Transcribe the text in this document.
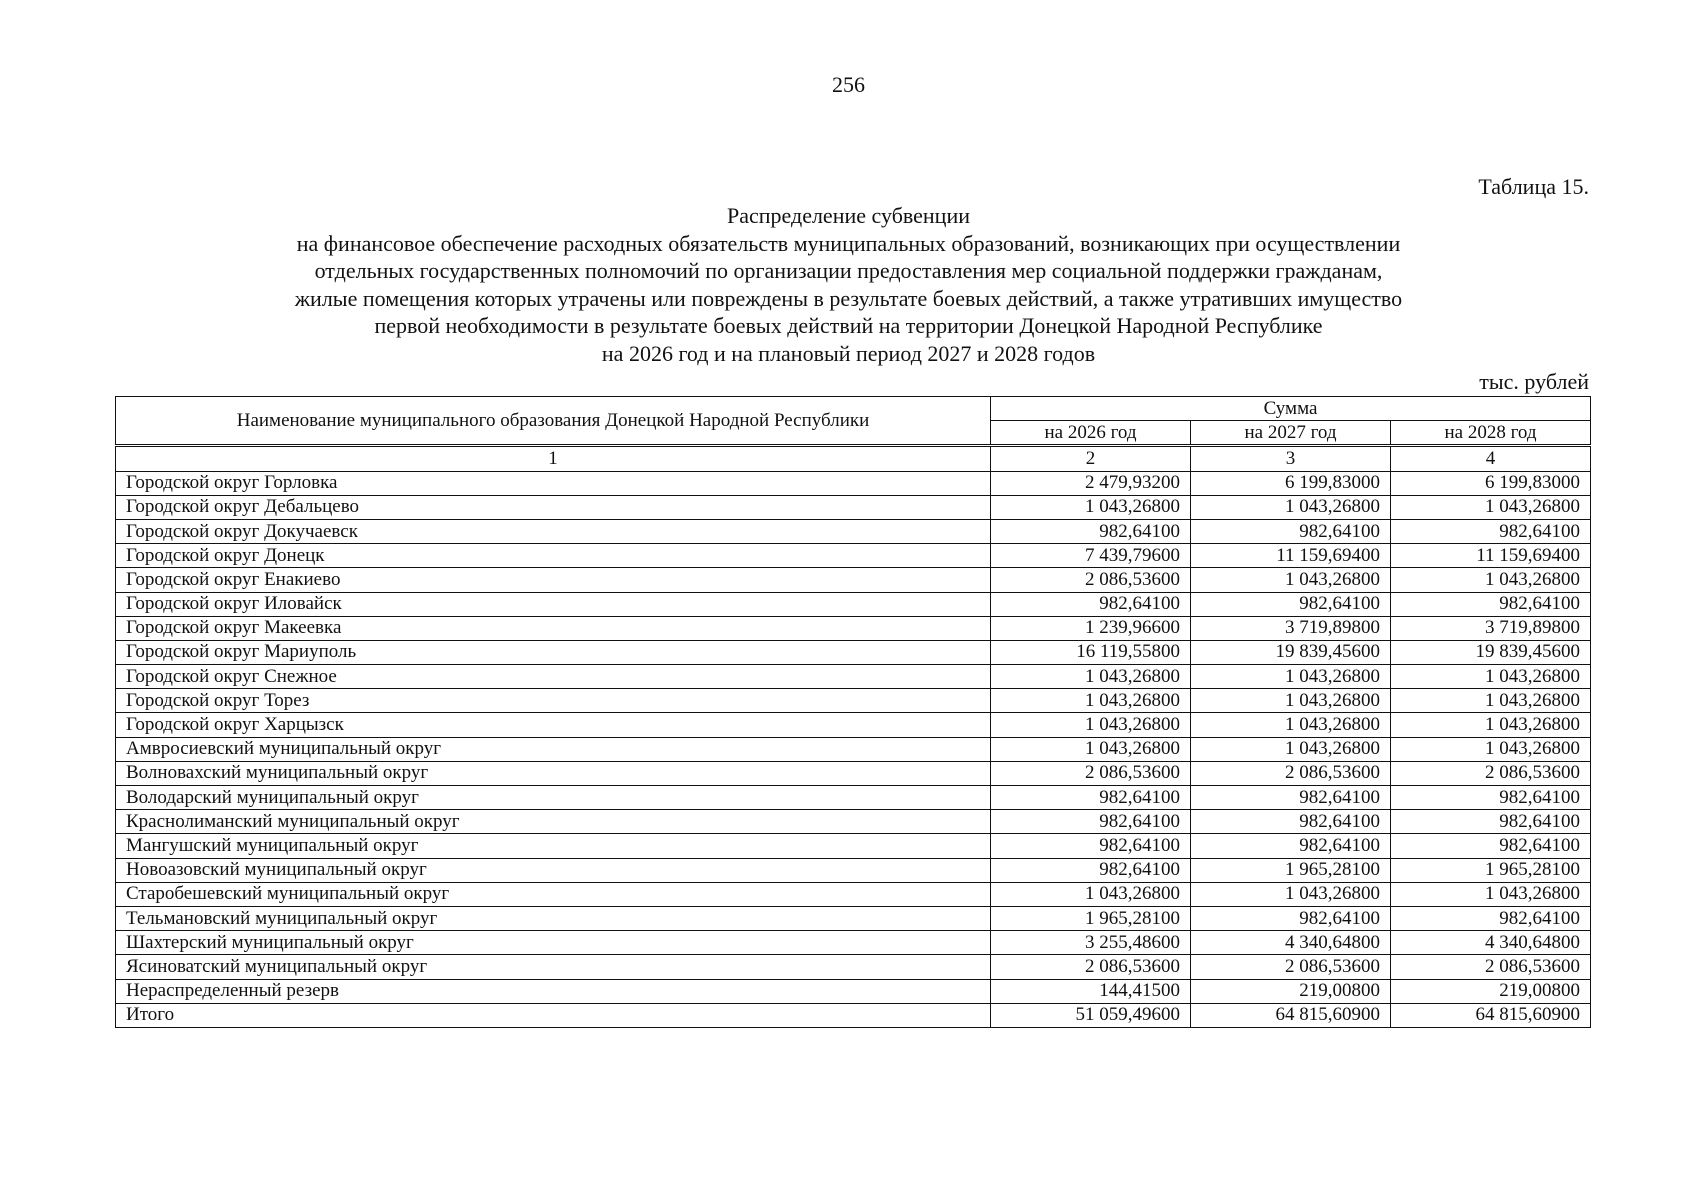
256
Таблица 15.
Распределение субвенции
на финансовое обеспечение расходных обязательств муниципальных образований, возникающих при осуществлении
отдельных государственных полномочий по организации предоставления мер социальной поддержки гражданам,
жилые помещения которых утрачены или повреждены в результате боевых действий, а также утративших имущество
первой необходимости в результате боевых действий на территории Донецкой Народной Республике
на 2026 год и на плановый период 2027 и 2028 годов
тыс. рублей
Наименование муниципального образования Донецкой Народной Республики	Сумма		
	на 2026 год	на 2027 год	на 2028 год
1	2	3	4
Городской округ Горловка	2 479,93200	6 199,83000	6 199,83000
Городской округ Дебальцево	1 043,26800	1 043,26800	1 043,26800
Городской округ Докучаевск	982,64100	982,64100	982,64100
Городской округ Донецк	7 439,79600	11 159,69400	11 159,69400
Городской округ Енакиево	2 086,53600	1 043,26800	1 043,26800
Городской округ Иловайск	982,64100	982,64100	982,64100
Городской округ Макеевка	1 239,96600	3 719,89800	3 719,89800
Городской округ Мариуполь	16 119,55800	19 839,45600	19 839,45600
Городской округ Снежное	1 043,26800	1 043,26800	1 043,26800
Городской округ Торез	1 043,26800	1 043,26800	1 043,26800
Городской округ Харцызск	1 043,26800	1 043,26800	1 043,26800
Амвросиевский муниципальный округ	1 043,26800	1 043,26800	1 043,26800
Волновахский муниципальный округ	2 086,53600	2 086,53600	2 086,53600
Володарский муниципальный округ	982,64100	982,64100	982,64100
Краснолиманский муниципальный округ	982,64100	982,64100	982,64100
Мангушский муниципальный округ	982,64100	982,64100	982,64100
Новоазовский муниципальный округ	982,64100	1 965,28100	1 965,28100
Старобешевский муниципальный округ	1 043,26800	1 043,26800	1 043,26800
Тельмановский муниципальный округ	1 965,28100	982,64100	982,64100
Шахтерский муниципальный округ	3 255,48600	4 340,64800	4 340,64800
Ясиноватский муниципальный округ	2 086,53600	2 086,53600	2 086,53600
Нераспределенный резерв	144,41500	219,00800	219,00800
Итого	51 059,49600	64 815,60900	64 815,60900
